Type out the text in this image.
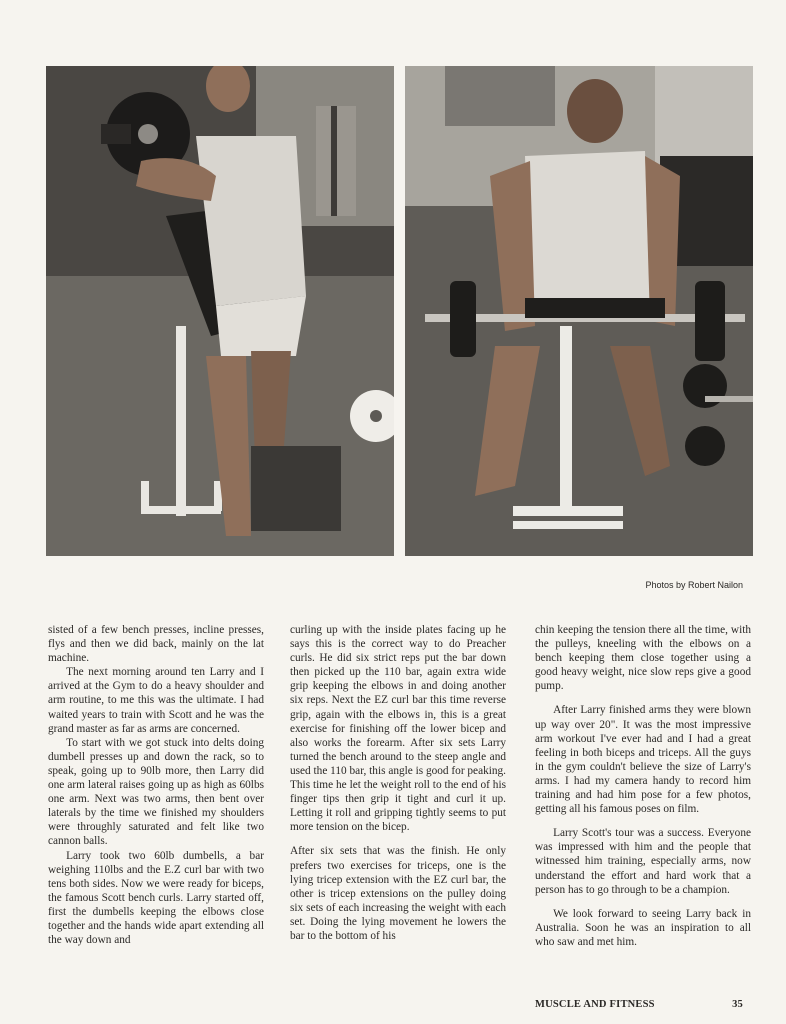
Photos by Robert Nailon

sisted of a few bench presses, incline presses, flys and then we did back, mainly on the lat machine.

The next morning around ten Larry and I arrived at the Gym to do a heavy shoulder and arm routine, to me this was the ultimate. I had waited years to train with Scott and he was the grand master as far as arms are concerned.

To start with we got stuck into delts doing dumbell presses up and down the rack, so to speak, going up to 90lb more, then Larry did one arm lateral raises going up as high as 60lbs one arm. Next was two arms, then bent over laterals by the time we finished my shoulders were throughly saturated and felt like two cannon balls.

Larry took two 60lb dumbells, a bar weighing 110lbs and the E.Z curl bar with two tens both sides. Now we were ready for biceps, the famous Scott bench curls. Larry started off, first the dumbells keeping the elbows close together and the hands wide apart extending all the way down and

curling up with the inside plates facing up he says this is the correct way to do Preacher curls. He did six strict reps put the bar down then picked up the 110 bar, again extra wide grip keeping the elbows in and doing another six reps. Next the EZ curl bar this time reverse grip, again with the elbows in, this is a great exercise for finishing off the lower bicep and also works the forearm. After six sets Larry turned the bench around to the steep angle and used the 110 bar, this angle is good for peaking. This time he let the weight roll to the end of his finger tips then grip it tight and curl it up. Letting it roll and gripping tightly seems to put more tension on the bicep.

After six sets that was the finish. He only prefers two exercises for triceps, one is the lying tricep extension with the EZ curl bar, the other is tricep extensions on the pulley doing six sets of each increasing the weight with each set. Doing the lying movement he lowers the bar to the bottom of his

chin keeping the tension there all the time, with the pulleys, kneeling with the elbows on a bench keeping them close together using a good heavy weight, nice slow reps give a good pump.

After Larry finished arms they were blown up way over 20". It was the most impressive arm workout I've ever had and I had a great feeling in both biceps and triceps. All the guys in the gym couldn't believe the size of Larry's arms. I had my camera handy to record him training and had him pose for a few photos, getting all his famous poses on film.

Larry Scott's tour was a success. Everyone was impressed with him and the people that witnessed him training, especially arms, now understand the effort and hard work that a person has to go through to be a champion.

We look forward to seeing Larry back in Australia. Soon he was an inspiration to all who saw and met him.

MUSCLE AND FITNESS	35
